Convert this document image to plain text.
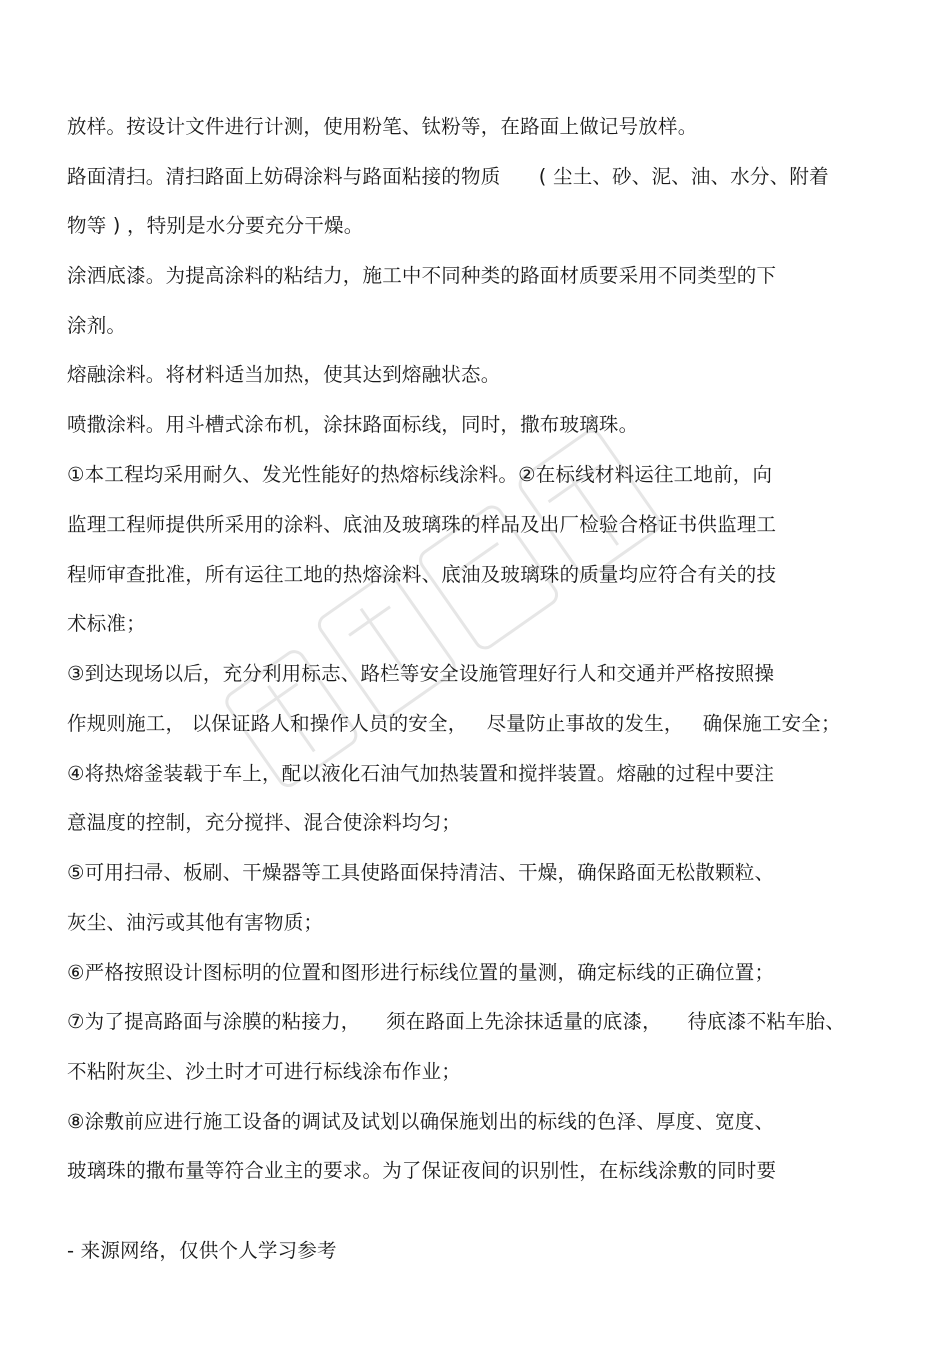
放样。按设计文件进行计测，使用粉笔、钛粉等，在路面上做记号放样。
路面清扫。清扫路面上妨碍涂料与路面粘接的物质      ( 尘土、砂、泥、油、水分、附着
物等 ) ，特别是水分要充分干燥。
涂洒底漆。为提高涂料的粘结力，施工中不同种类的路面材质要采用不同类型的下
涂剂。
熔融涂料。将材料适当加热，使其达到熔融状态。
喷撒涂料。用斗槽式涂布机，涂抹路面标线，同时，撒布玻璃珠。
①本工程均采用耐久、发光性能好的热熔标线涂料。②在标线材料运往工地前，向
监理工程师提供所采用的涂料、底油及玻璃珠的样品及出厂检验合格证书供监理工
程师审查批准，所有运往工地的热熔涂料、底油及玻璃珠的质量均应符合有关的技
术标准；
③到达现场以后，充分利用标志、路栏等安全设施管理好行人和交通并严格按照操
作规则施工， 以保证路人和操作人员的安全，   尽量防止事故的发生，   确保施工安全；
④将热熔釜装载于车上，配以液化石油气加热装置和搅拌装置。熔融的过程中要注
意温度的控制，充分搅拌、混合使涂料均匀；
⑤可用扫帚、板刷、干燥器等工具使路面保持清洁、干燥，确保路面无松散颗粒、
灰尘、油污或其他有害物质；
⑥严格按照设计图标明的位置和图形进行标线位置的量测，确定标线的正确位置；
⑦为了提高路面与涂膜的粘接力，    须在路面上先涂抹适量的底漆，    待底漆不粘车胎、
不粘附灰尘、沙土时才可进行标线涂布作业；
⑧涂敷前应进行施工设备的调试及试划以确保施划出的标线的色泽、厚度、宽度、
玻璃珠的撒布量等符合业主的要求。为了保证夜间的识别性，在标线涂敷的同时要
- 来源网络，仅供个人学习参考
